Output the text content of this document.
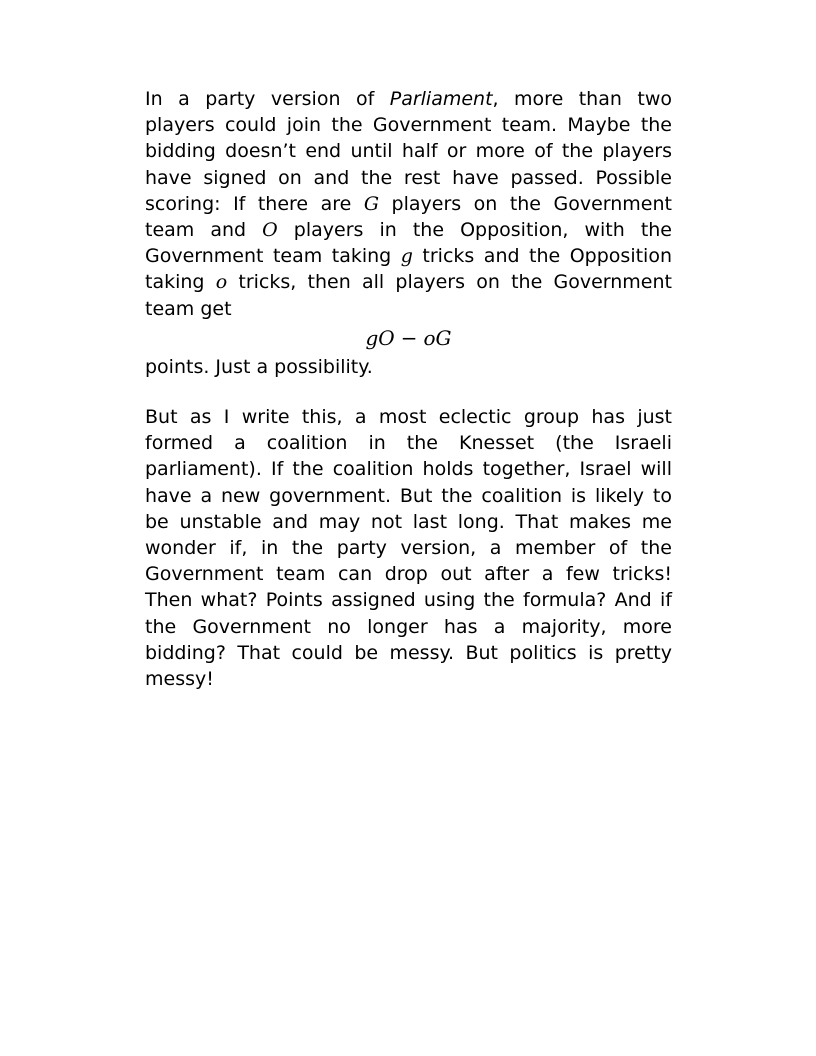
In a party version of Parliament, more than two players could join the Government team. Maybe the bidding doesn’t end until half or more of the players have signed on and the rest have passed. Possible scoring: If there are G players on the Government team and O players in the Opposition, with the Government team taking g tricks and the Opposition taking o tricks, then all players on the Government team get

gO − oG

points. Just a possibility.

But as I write this, a most eclectic group has just formed a coalition in the Knesset (the Israeli parliament). If the coalition holds together, Israel will have a new government. But the coalition is likely to be unstable and may not last long. That makes me wonder if, in the party version, a member of the Government team can drop out after a few tricks! Then what? Points assigned using the formula? And if the Government no longer has a majority, more bidding? That could be messy. But politics is pretty messy!
